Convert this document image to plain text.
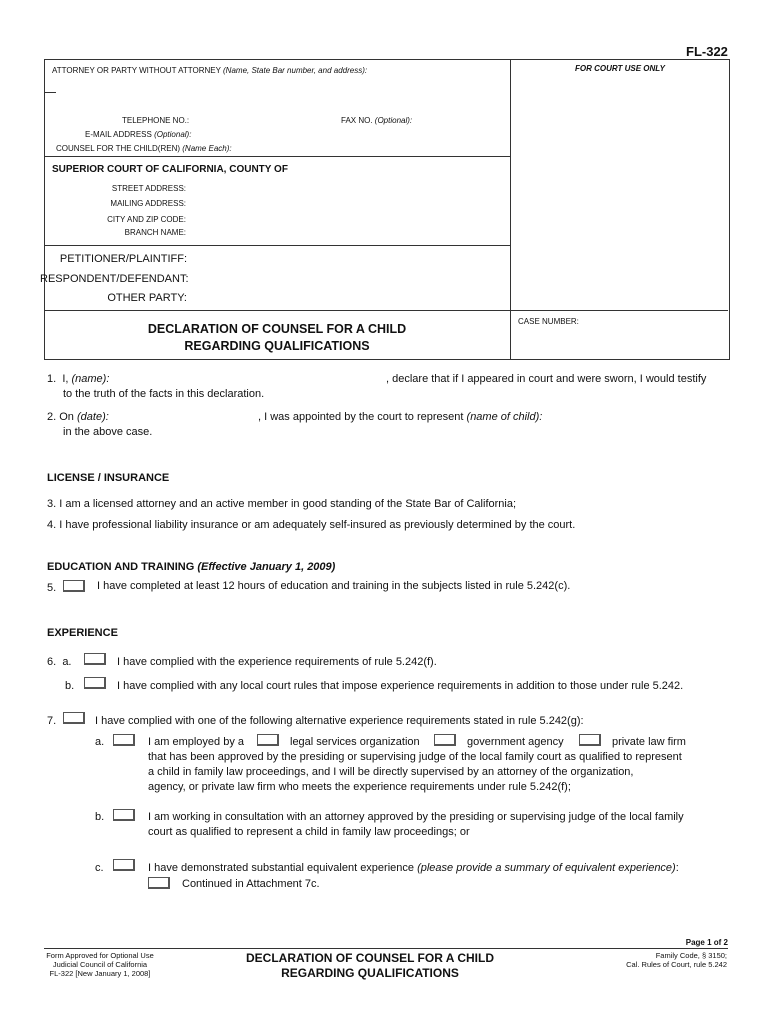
FL-322
ATTORNEY OR PARTY WITHOUT ATTORNEY (Name, State Bar number, and address):	FOR COURT USE ONLY
TELEPHONE NO.:	FAX NO. (Optional):
E-MAIL ADDRESS (Optional):
COUNSEL FOR THE CHILD(REN) (Name Each):
SUPERIOR COURT OF CALIFORNIA, COUNTY OF
STREET ADDRESS:
MAILING ADDRESS:
CITY AND ZIP CODE:
BRANCH NAME:
PETITIONER/PLAINTIFF:
RESPONDENT/DEFENDANT:
OTHER PARTY:
DECLARATION OF COUNSEL FOR A CHILD
REGARDING QUALIFICATIONS
CASE NUMBER:
1. I, (name):	, declare that if I appeared in court and were sworn, I would testify
to the truth of the facts in this declaration.
2. On (date):	, I was appointed by the court to represent (name of child):
in the above case.
LICENSE / INSURANCE
3. I am a licensed attorney and an active member in good standing of the State Bar of California;
4. I have professional liability insurance or am adequately self-insured as previously determined by the court.
EDUCATION AND TRAINING (Effective January 1, 2009)
5.	I have completed at least 12 hours of education and training in the subjects listed in rule 5.242(c).
EXPERIENCE
6. a.	I have complied with the experience requirements of rule 5.242(f).
b.	I have complied with any local court rules that impose experience requirements in addition to those under rule 5.242.
7.	I have complied with one of the following alternative experience requirements stated in rule 5.242(g):
a.	I am employed by a	legal services organization	government agency	private law firm
that has been approved by the presiding or supervising judge of the local family court as qualified to represent
a child in family law proceedings, and I will be directly supervised by an attorney of the organization,
agency, or private law firm who meets the experience requirements under rule 5.242(f);
b.	I am working in consultation with an attorney approved by the presiding or supervising judge of the local family
court as qualified to represent a child in family law proceedings; or
c.	I have demonstrated substantial equivalent experience (please provide a summary of equivalent experience):
Continued in Attachment 7c.
Page 1 of 2
Form Approved for Optional Use
Judicial Council of California
FL-322 [New January 1, 2008]
DECLARATION OF COUNSEL FOR A CHILD
REGARDING QUALIFICATIONS
Family Code, § 3150;
Cal. Rules of Court, rule 5.242
